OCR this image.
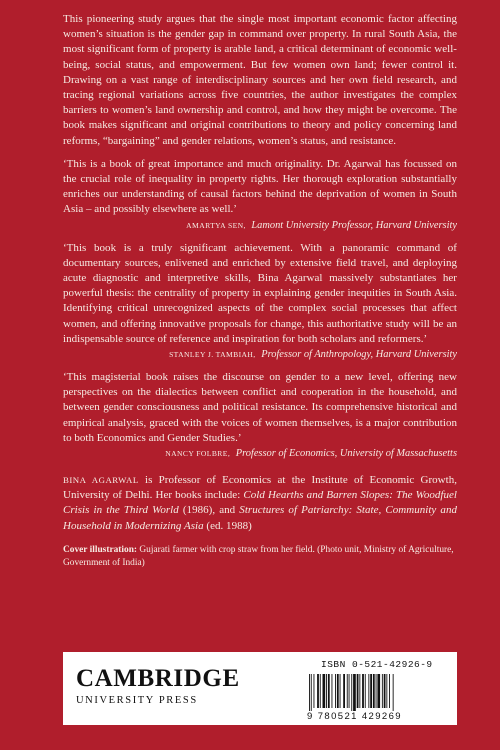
This pioneering study argues that the single most important economic factor affecting women’s situation is the gender gap in command over property. In rural South Asia, the most significant form of property is arable land, a critical determinant of economic well-being, social status, and empowerment. But few women own land; fewer control it. Drawing on a vast range of interdisciplinary sources and her own field research, and tracing regional variations across five countries, the author investigates the complex barriers to women’s land ownership and control, and how they might be overcome. The book makes significant and original contributions to theory and policy concerning land reforms, “bargaining” and gender relations, women’s status, and resistance.

‘This is a book of great importance and much originality. Dr. Agarwal has focussed on the crucial role of inequality in property rights. Her thorough exploration substantially enriches our understanding of causal factors behind the deprivation of women in South Asia – and possibly elsewhere as well.’

AMARTYA SEN, Lamont University Professor, Harvard University

‘This book is a truly significant achievement. With a panoramic command of documentary sources, enlivened and enriched by extensive field travel, and deploying acute diagnostic and interpretive skills, Bina Agarwal massively substantiates her powerful thesis: the centrality of property in explaining gender inequities in South Asia. Identifying critical unrecognized aspects of the complex social processes that affect women, and offering innovative proposals for change, this authoritative study will be an indispensable source of reference and inspiration for both scholars and reformers.’

STANLEY J. TAMBIAH, Professor of Anthropology, Harvard University

‘This magisterial book raises the discourse on gender to a new level, offering new perspectives on the dialectics between conflict and cooperation in the household, and between gender consciousness and political resistance. Its comprehensive historical and empirical analysis, graced with the voices of women themselves, is a major contribution to both Economics and Gender Studies.’

NANCY FOLBRE, Professor of Economics, University of Massachusetts

BINA AGARWAL is Professor of Economics at the Institute of Economic Growth, University of Delhi. Her books include: Cold Hearths and Barren Slopes: The Woodfuel Crisis in the Third World (1986), and Structures of Patriarchy: State, Community and Household in Modernizing Asia (ed. 1988)

Cover illustration: Gujarati farmer with crop straw from her field. (Photo unit, Ministry of Agriculture, Government of India)

CAMBRIDGE
UNIVERSITY PRESS
ISBN 0-521-42926-9
9 780521 429269
